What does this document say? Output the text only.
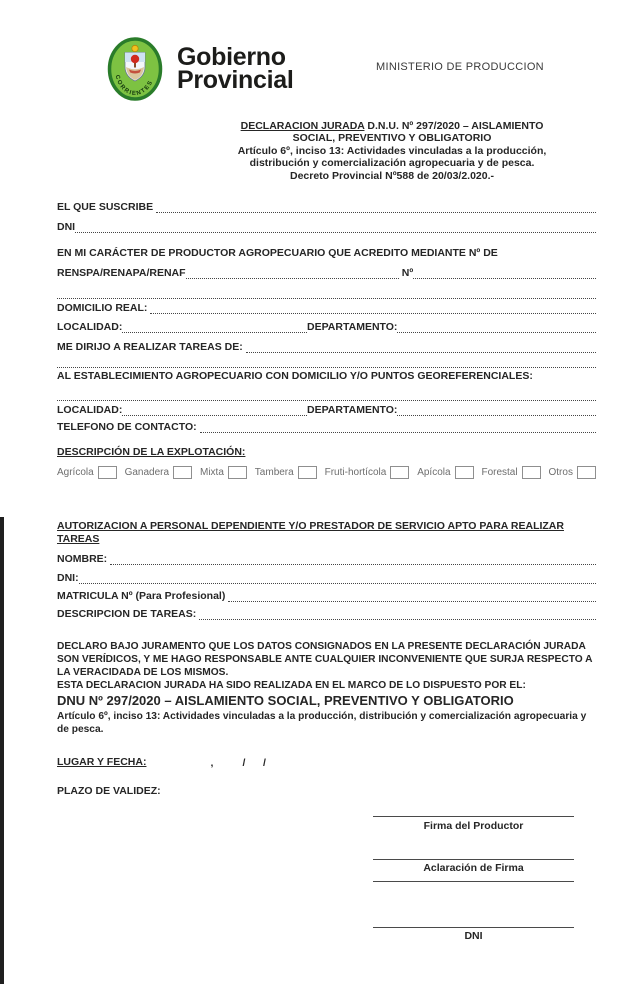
CORRIENTES
Gobierno
Provincial	MINISTERIO DE PRODUCCION
DECLARACION JURADA D.N.U. Nº 297/2020 – AISLAMIENTO
SOCIAL, PREVENTIVO Y OBLIGATORIO
Artículo 6º, inciso 13: Actividades vinculadas a la producción,
distribución y comercialización agropecuaria y de pesca.
Decreto Provincial Nº588 de 20/03/2.020.-
EL QUE SUSCRIBE
DNI
EN MI CARÁCTER DE PRODUCTOR AGROPECUARIO QUE ACREDITO MEDIANTE Nº DE
RENSPA/RENAPA/RENAF	Nº
DOMICILIO REAL:
LOCALIDAD:	DEPARTAMENTO:
ME DIRIJO A REALIZAR TAREAS DE:
AL ESTABLECIMIENTO AGROPECUARIO CON DOMICILIO Y/O PUNTOS GEOREFERENCIALES:
LOCALIDAD:	DEPARTAMENTO:
TELEFONO DE CONTACTO:
DESCRIPCIÓN DE LA EXPLOTACIÓN:
Agrícola	Ganadera	Mixta	Tambera	Fruti-hortícola	Apícola	Forestal	Otros
AUTORIZACION A PERSONAL DEPENDIENTE Y/O PRESTADOR DE SERVICIO APTO PARA REALIZAR TAREAS
NOMBRE:
DNI:
MATRICULA Nº (Para Profesional)
DESCRIPCION DE TAREAS:
DECLARO BAJO JURAMENTO QUE LOS DATOS CONSIGNADOS EN LA PRESENTE DECLARACIÓN JURADA SON VERÍDICOS, Y ME HAGO RESPONSABLE ANTE CUALQUIER INCONVENIENTE QUE SURJA RESPECTO A LA VERACIDADA DE LOS MISMOS.
ESTA DECLARACION JURADA HA SIDO REALIZADA EN EL MARCO DE LO DISPUESTO POR EL:
DNU Nº 297/2020 – AISLAMIENTO SOCIAL, PREVENTIVO Y OBLIGATORIO
Artículo 6º, inciso 13: Actividades vinculadas a la producción, distribución y comercialización agropecuaria y de pesca.
LUGAR Y FECHA:	,          /      /
PLAZO DE VALIDEZ:
Firma del Productor
Aclaración de Firma
DNI
